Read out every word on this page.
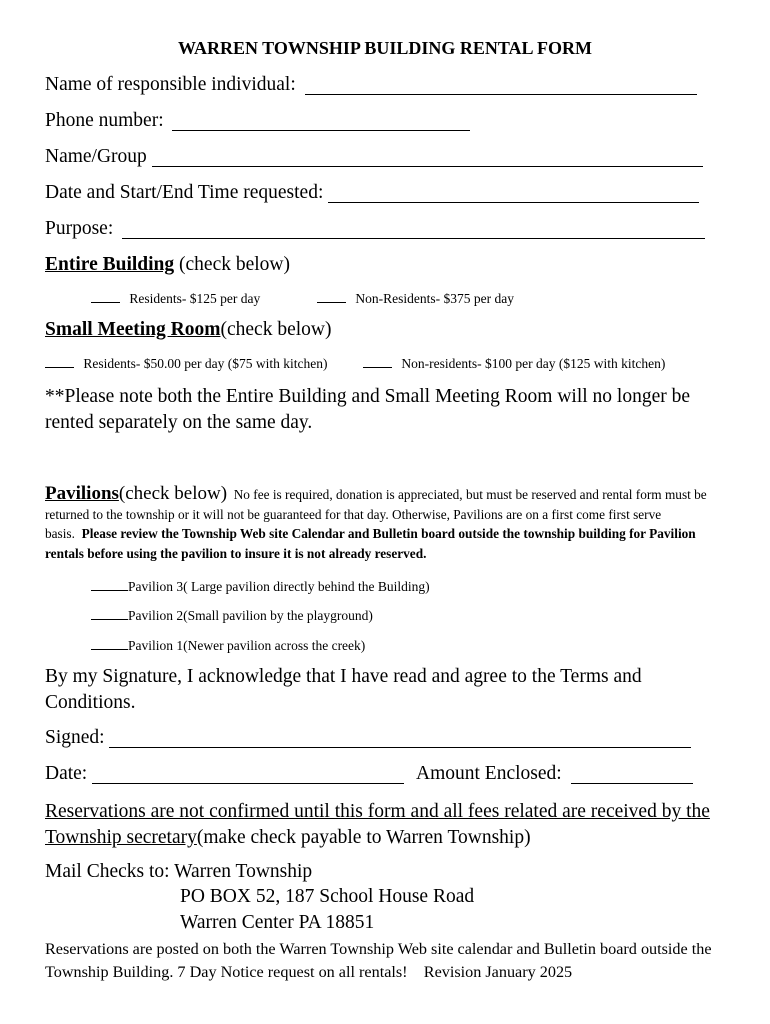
WARREN TOWNSHIP BUILDING RENTAL FORM
Name of responsible individual:
Phone number:
Name/Group
Date and Start/End Time requested:
Purpose:
Entire Building (check below)
Residents- $125 per day	Non-Residents- $375 per day
Small Meeting Room(check below)
Residents- $50.00 per day ($75 with kitchen)	Non-residents- $100 per day ($125 with kitchen)
**Please note both the Entire Building and Small Meeting Room will no longer be rented separately on the same day.
Pavilions(check below) No fee is required, donation is appreciated, but must be reserved and rental form must be returned to the township or it will not be guaranteed for that day. Otherwise, Pavilions are on a first come first serve basis. Please review the Township Web site Calendar and Bulletin board outside the township building for Pavilion rentals before using the pavilion to insure it is not already reserved.
Pavilion 3( Large pavilion directly behind the Building)
Pavilion 2(Small pavilion by the playground)
Pavilion 1(Newer pavilion across the creek)
By my Signature, I acknowledge that I have read and agree to the Terms and Conditions.
Signed:
Date:	Amount Enclosed:
Reservations are not confirmed until this form and all fees related are received by the Township secretary(make check payable to Warren Township)
Mail Checks to: Warren Township
PO BOX 52, 187 School House Road
Warren Center PA 18851
Reservations are posted on both the Warren Township Web site calendar and Bulletin board outside the Township Building. 7 Day Notice request on all rentals! Revision January 2025
